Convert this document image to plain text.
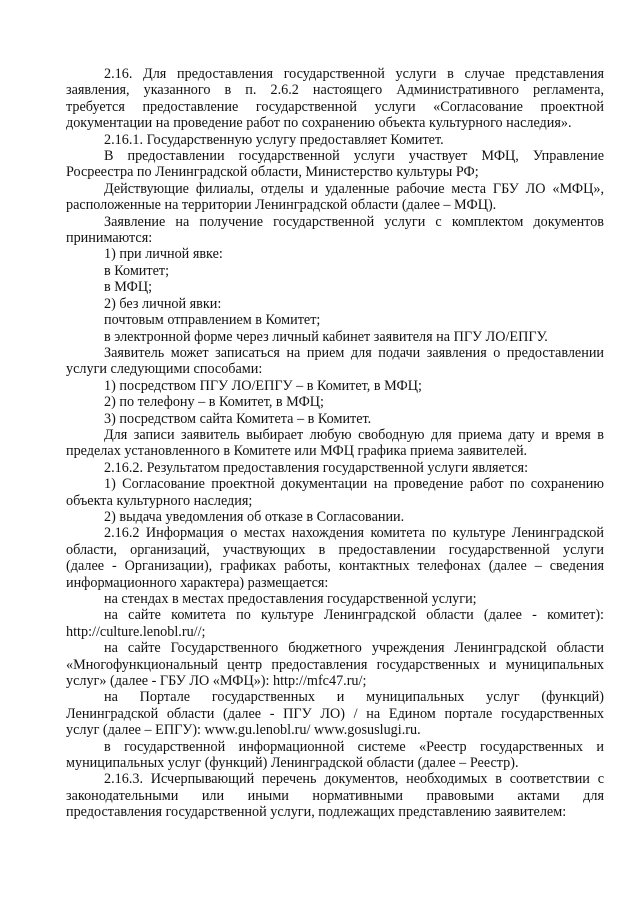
2.16. Для предоставления государственной услуги в случае представления
заявления, указанного в п. 2.6.2 настоящего Административного регламента,
требуется предоставление государственной услуги «Согласование проектной
документации на проведение работ по сохранению объекта культурного наследия».
2.16.1. Государственную услугу предоставляет Комитет.
В предоставлении государственной услуги участвует МФЦ, Управление
Росреестра по Ленинградской области, Министерство культуры РФ;
Действующие филиалы, отделы и удаленные рабочие места ГБУ ЛО «МФЦ»,
расположенные на территории Ленинградской области (далее – МФЦ).
Заявление на получение государственной услуги с комплектом документов
принимаются:
1) при личной явке:
в Комитет;
в МФЦ;
2) без личной явки:
почтовым отправлением в Комитет;
в электронной форме через личный кабинет заявителя на ПГУ ЛО/ЕПГУ.
Заявитель может записаться на прием для подачи заявления о предоставлении
услуги следующими способами:
1) посредством ПГУ ЛО/ЕПГУ – в Комитет, в МФЦ;
2) по телефону – в Комитет, в МФЦ;
3) посредством сайта Комитета – в Комитет.
Для записи заявитель выбирает любую свободную для приема дату и время в
пределах установленного в Комитете или МФЦ графика приема заявителей.
2.16.2. Результатом предоставления государственной услуги является:
1) Согласование проектной документации на проведение работ по сохранению
объекта культурного наследия;
2) выдача уведомления об отказе в Согласовании.
2.16.2 Информация о местах нахождения комитета по культуре Ленинградской
области, организаций, участвующих в предоставлении государственной услуги
(далее - Организации), графиках работы, контактных телефонах (далее – сведения
информационного характера) размещается:
на стендах в местах предоставления государственной услуги;
на сайте комитета по культуре Ленинградской области (далее - комитет):
http://culture.lenobl.ru//;
на сайте Государственного бюджетного учреждения Ленинградской области
«Многофункциональный центр предоставления государственных и муниципальных
услуг» (далее - ГБУ ЛО «МФЦ»): http://mfc47.ru/;
на Портале государственных и муниципальных услуг (функций)
Ленинградской области (далее - ПГУ ЛО) / на Едином портале государственных
услуг (далее – ЕПГУ): www.gu.lenobl.ru/ www.gosuslugi.ru.
в государственной информационной системе «Реестр государственных и
муниципальных услуг (функций) Ленинградской области (далее – Реестр).
2.16.3. Исчерпывающий перечень документов, необходимых в соответствии с
законодательными или иными нормативными правовыми актами для
предоставления государственной услуги, подлежащих представлению заявителем:
